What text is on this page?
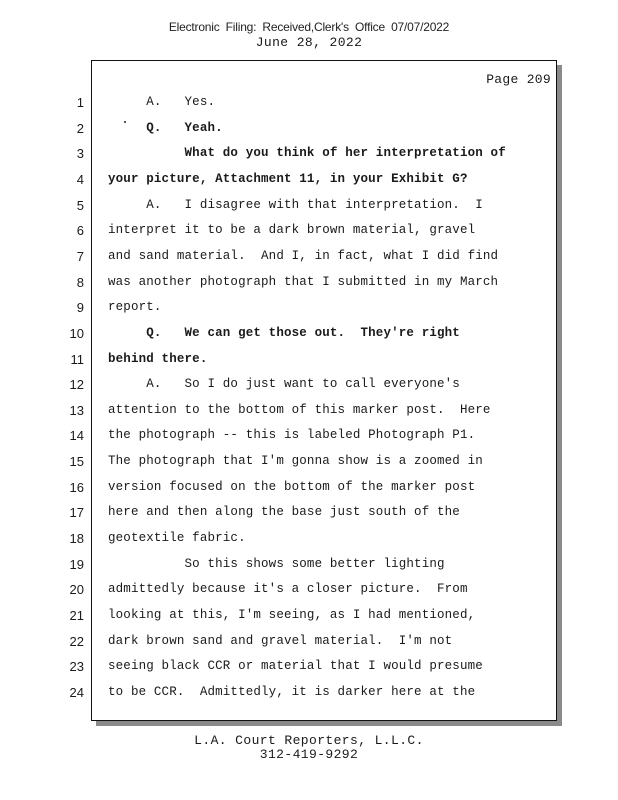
Electronic Filing: Received,Clerk's Office 07/07/2022
June 28, 2022
Page 209
1 A.   Yes.
2 Q.   Yeah.
3 What do you think of her interpretation of
4 your picture, Attachment 11, in your Exhibit G?
5 A.   I disagree with that interpretation.  I
6 interpret it to be a dark brown material, gravel
7 and sand material.  And I, in fact, what I did find
8 was another photograph that I submitted in my March
9 report.
10 Q.   We can get those out.  They're right
11 behind there.
12 A.   So I do just want to call everyone's
13 attention to the bottom of this marker post.  Here
14 the photograph -- this is labeled Photograph P1.
15 The photograph that I'm gonna show is a zoomed in
16 version focused on the bottom of the marker post
17 here and then along the base just south of the
18 geotextile fabric.
19 So this shows some better lighting
20 admittedly because it's a closer picture.  From
21 looking at this, I'm seeing, as I had mentioned,
22 dark brown sand and gravel material.  I'm not
23 seeing black CCR or material that I would presume
24 to be CCR.  Admittedly, it is darker here at the
L.A. Court Reporters, L.L.C.
312-419-9292
